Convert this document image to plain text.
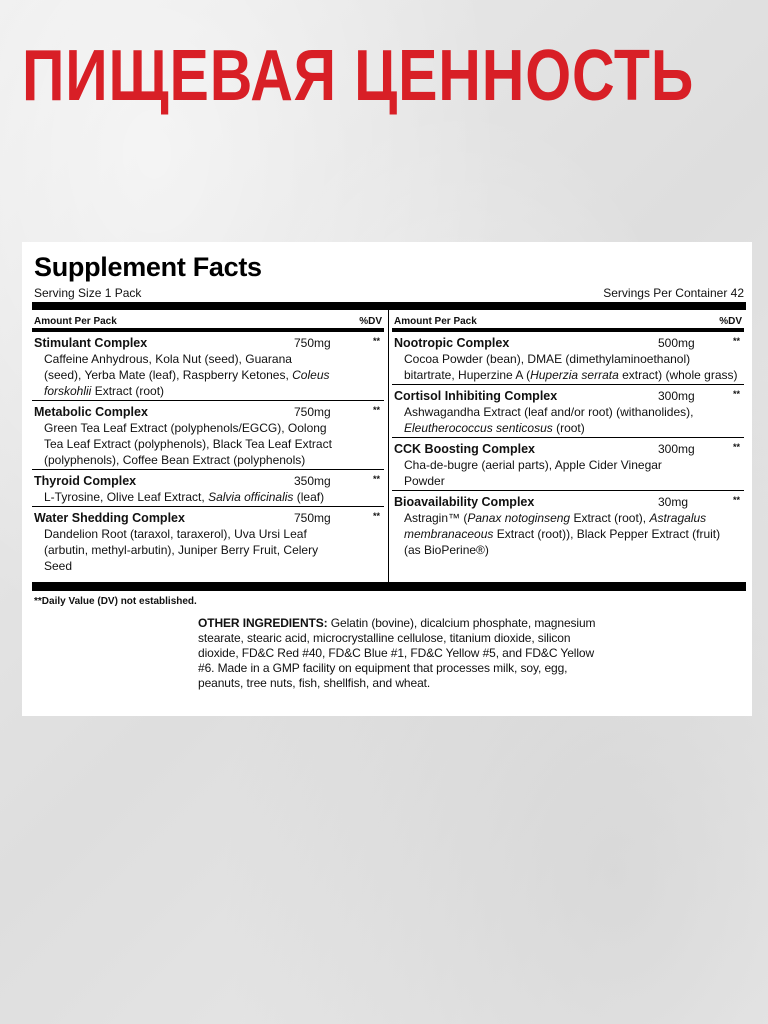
ПИЩЕВАЯ ЦЕННОСТЬ
Supplement Facts
Serving Size 1 Pack	Servings Per Container 42
Amount Per Pack	%DV
Stimulant Complex	750mg	**
Caffeine Anhydrous, Kola Nut (seed), Guarana (seed), Yerba Mate (leaf), Raspberry Ketones, Coleus forskohlii Extract (root)
Metabolic Complex	750mg	**
Green Tea Leaf Extract (polyphenols/EGCG), Oolong Tea Leaf Extract (polyphenols), Black Tea Leaf Extract (polyphenols), Coffee Bean Extract (polyphenols)
Thyroid Complex	350mg	**
L-Tyrosine, Olive Leaf Extract, Salvia officinalis (leaf)
Water Shedding Complex	750mg	**
Dandelion Root (taraxol, taraxerol), Uva Ursi Leaf (arbutin, methyl-arbutin), Juniper Berry Fruit, Celery Seed
Amount Per Pack	%DV
Nootropic Complex	500mg	**
Cocoa Powder (bean), DMAE (dimethylaminoethanol) bitartrate, Huperzine A (Huperzia serrata extract) (whole grass)
Cortisol Inhibiting Complex	300mg	**
Ashwagandha Extract (leaf and/or root) (withanolides), Eleutherococcus senticosus (root)
CCK Boosting Complex	300mg	**
Cha-de-bugre (aerial parts), Apple Cider Vinegar Powder
Bioavailability Complex	30mg	**
Astragin™ (Panax notoginseng Extract (root), Astragalus membranaceous Extract (root)), Black Pepper Extract (fruit) (as BioPerine®)
**Daily Value (DV) not established.
OTHER INGREDIENTS: Gelatin (bovine), dicalcium phosphate, magnesium stearate, stearic acid, microcrystalline cellulose, titanium dioxide, silicon dioxide, FD&C Red #40, FD&C Blue #1, FD&C Yellow #5, and FD&C Yellow #6. Made in a GMP facility on equipment that processes milk, soy, egg, peanuts, tree nuts, fish, shellfish, and wheat.
